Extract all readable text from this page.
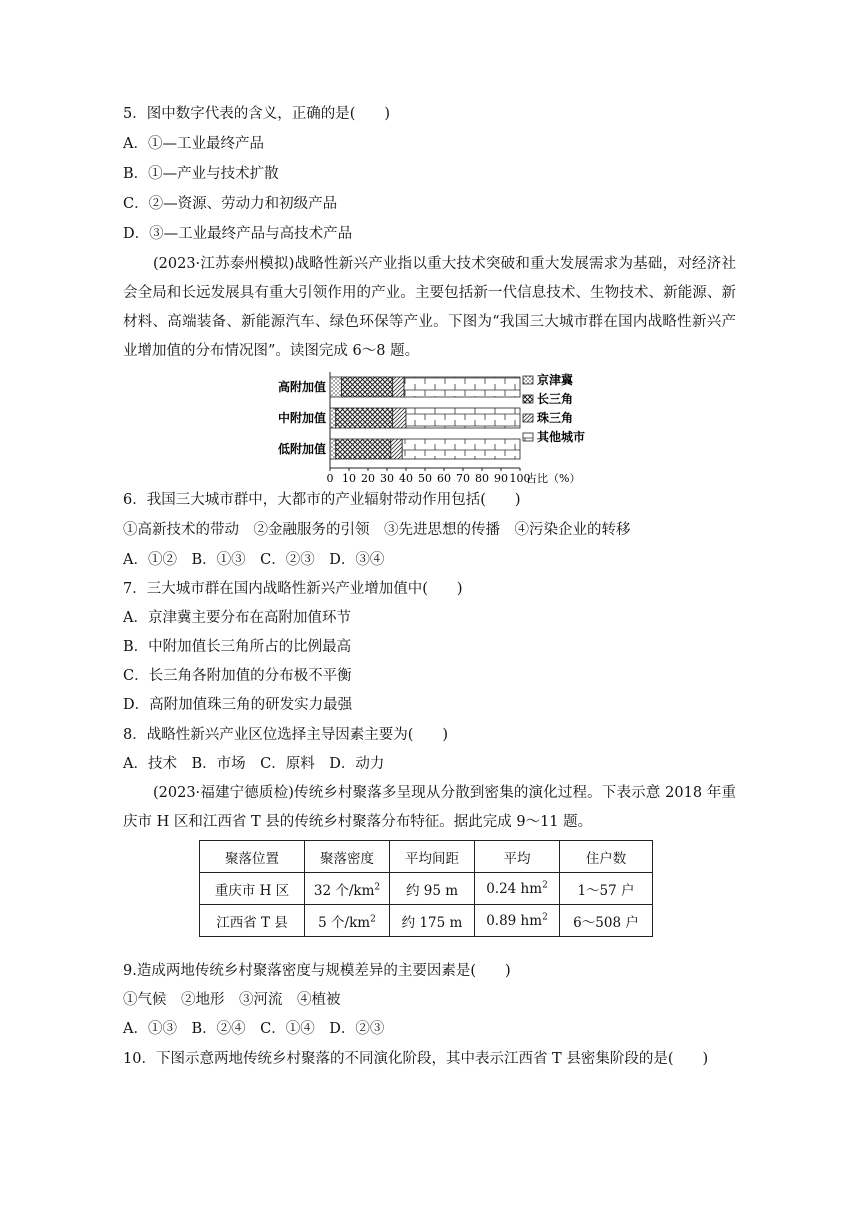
5．图中数字代表的含义，正确的是(　　)
A．①—工业最终产品
B．①—产业与技术扩散
C．②—资源、劳动力和初级产品
D．③—工业最终产品与高技术产品
(2023·江苏泰州模拟)战略性新兴产业指以重大技术突破和重大发展需求为基础，对经济社会全局和长远发展具有重大引领作用的产业。主要包括新一代信息技术、生物技术、新能源、新材料、高端装备、新能源汽车、绿色环保等产业。下图为“我国三大城市群在国内战略性新兴产业增加值的分布情况图”。读图完成 6～8 题。
高附加值
中附加值
低附加值
0 10 20 30 40 50 60 70 80 90 100
占比（%）
京津冀
长三角
珠三角
其他城市
6．我国三大城市群中，大都市的产业辐射带动作用包括(　　)
①高新技术的带动　②金融服务的引领　③先进思想的传播　④污染企业的转移
A．①②　B．①③　C．②③　D．③④
7．三大城市群在国内战略性新兴产业增加值中(　　)
A．京津冀主要分布在高附加值环节
B．中附加值长三角所占的比例最高
C．长三角各附加值的分布极不平衡
D．高附加值珠三角的研发实力最强
8．战略性新兴产业区位选择主导因素主要为(　　)
A．技术　B．市场　C．原料　D．动力
(2023·福建宁德质检)传统乡村聚落多呈现从分散到密集的演化过程。下表示意 2018 年重庆市 H 区和江西省 T 县的传统乡村聚落分布特征。据此完成 9～11 题。
聚落位置	聚落密度	平均间距	平均	住户数
重庆市 H 区	32 个$/km^2$	约 95 m	0.24 $hm^2$	1～57 户
江西省 T 县	5 个$/km^2$	约 175 m	0.89 $hm^2$	6～508 户
9.造成两地传统乡村聚落密度与规模差异的主要因素是(　　)
①气候　②地形　③河流　④植被
A．①③　B．②④　C．①④　D．②③
10．下图示意两地传统乡村聚落的不同演化阶段，其中表示江西省 T 县密集阶段的是(　　)
